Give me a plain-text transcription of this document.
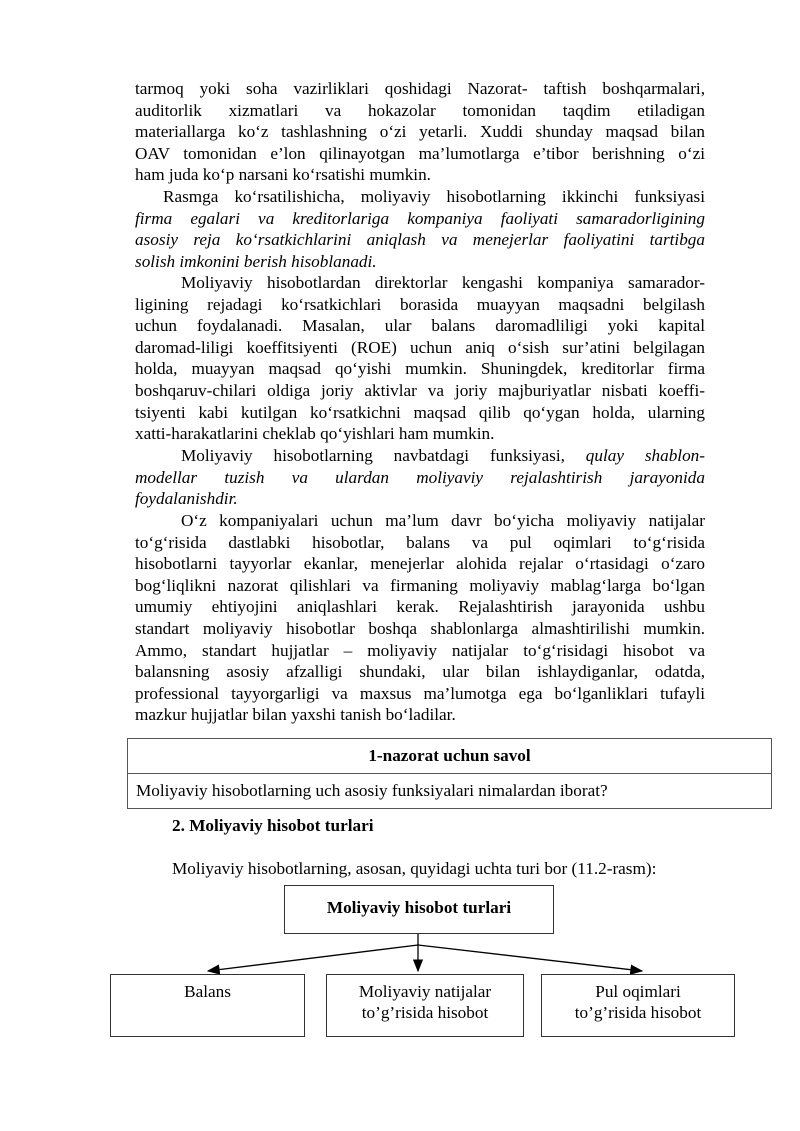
tarmoq yoki soha vazirliklari qoshidagi Nazorat- taftish boshqarmalari,
auditorlik xizmatlari va hokazolar tomonidan taqdim etiladigan
materiallarga ko‘z tashlashning o‘zi yetarli. Xuddi shunday maqsad bilan
OAV tomonidan e’lon qilinayotgan ma’lumotlarga e’tibor berishning o‘zi
ham juda ko‘p narsani ko‘rsatishi mumkin.
Rasmga ko‘rsatilishicha, moliyaviy hisobotlarning ikkinchi funksiyasi
firma egalari va kreditorlariga kompaniya faoliyati samaradorligining
asosiy reja ko‘rsatkichlarini aniqlash va menejerlar faoliyatini tartibga
solish imkonini berish hisoblanadi.
Moliyaviy hisobotlardan direktorlar kengashi kompaniya samarador-
ligining rejadagi ko‘rsatkichlari borasida muayyan maqsadni belgilash
uchun foydalanadi. Masalan, ular balans daromadliligi yoki kapital
daromad-liligi koeffitsiyenti (ROE) uchun aniq o‘sish sur’atini belgilagan
holda, muayyan maqsad qo‘yishi mumkin. Shuningdek, kreditorlar firma
boshqaruv-chilari oldiga joriy aktivlar va joriy majburiyatlar nisbati koeffi-
tsiyenti kabi kutilgan ko‘rsatkichni maqsad qilib qo‘ygan holda, ularning
xatti-harakatlarini cheklab qo‘yishlari ham mumkin.
Moliyaviy hisobotlarning navbatdagi funksiyasi, qulay shablon-
modellar tuzish va ulardan moliyaviy rejalashtirish jarayonida
foydalanishdir.
O‘z kompaniyalari uchun ma’lum davr bo‘yicha moliyaviy natijalar
to‘g‘risida dastlabki hisobotlar, balans va pul oqimlari to‘g‘risida
hisobotlarni tayyorlar ekanlar, menejerlar alohida rejalar o‘rtasidagi o‘zaro
bog‘liqlikni nazorat qilishlari va firmaning moliyaviy mablag‘larga bo‘lgan
umumiy ehtiyojini aniqlashlari kerak. Rejalashtirish jarayonida ushbu
standart moliyaviy hisobotlar boshqa shablonlarga almashtirilishi mumkin.
Ammo, standart hujjatlar – moliyaviy natijalar to‘g‘risidagi hisobot va
balansning asosiy afzalligi shundaki, ular bilan ishlaydiganlar, odatda,
professional tayyorgarligi va maxsus ma’lumotga ega bo‘lganliklari tufayli
mazkur hujjatlar bilan yaxshi tanish bo‘ladilar.
1-nazorat uchun savol
Moliyaviy hisobotlarning uch asosiy funksiyalari nimalardan iborat?
2. Moliyaviy hisobot turlari
Moliyaviy hisobotlarning, asosan, quyidagi uchta turi bor (11.2-rasm):
Moliyaviy hisobot turlari
Balans	Moliyaviy natijalar
to’g’risida hisobot
Pul oqimlari
to’g’risida hisobot
